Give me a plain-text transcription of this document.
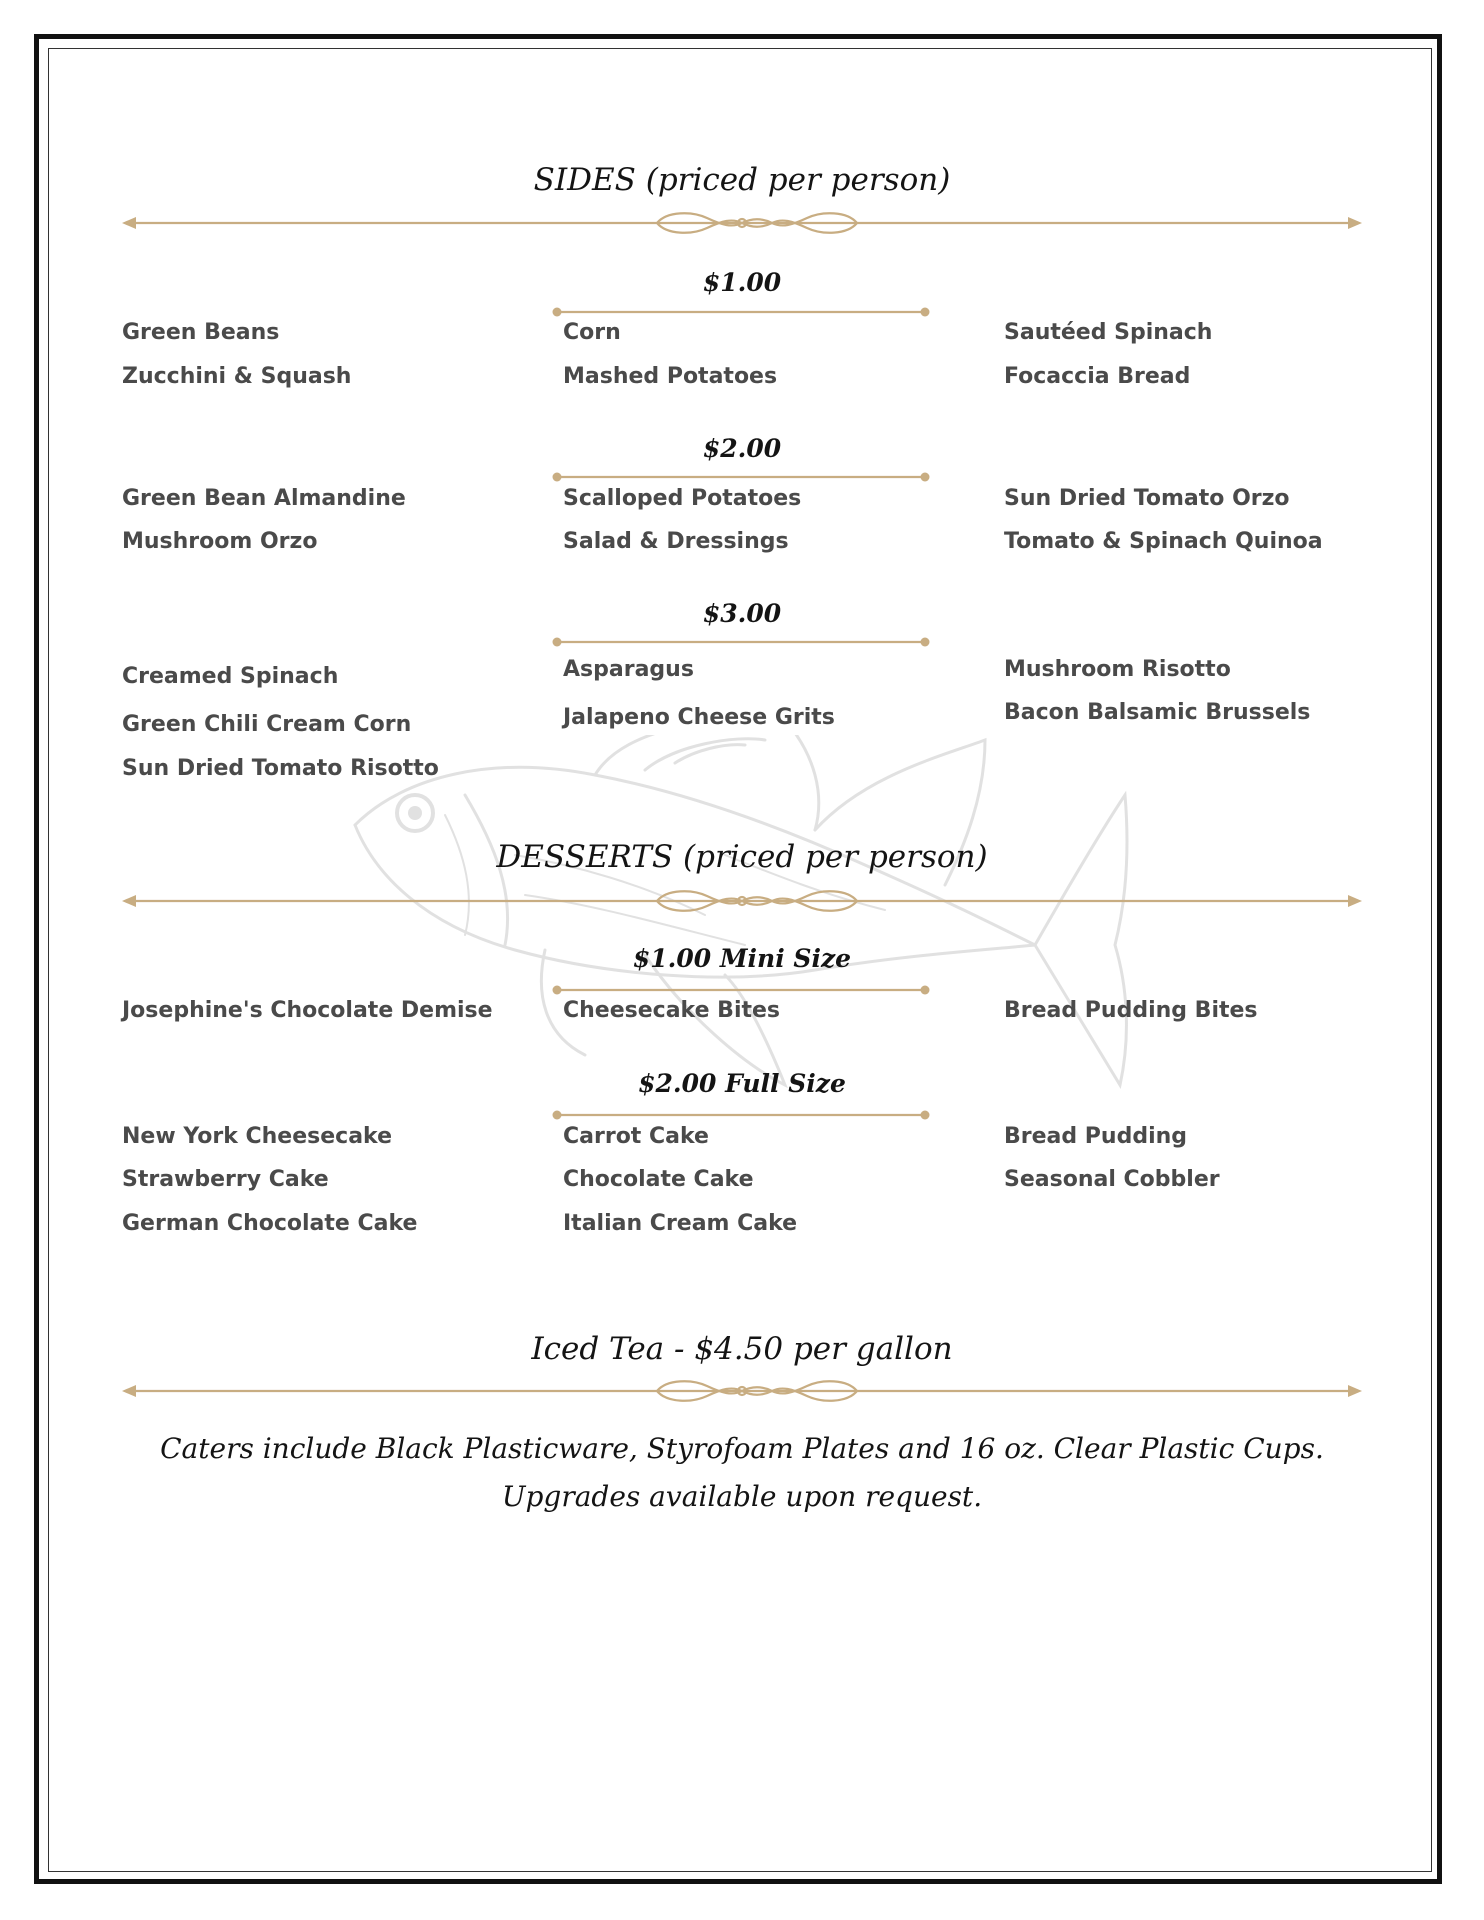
SIDES (priced per person)
$1.00
Green Beans
Zucchini & Squash
Corn
Mashed Potatoes
Sautéed Spinach
Focaccia Bread
$2.00
Green Bean Almandine
Mushroom Orzo
Scalloped Potatoes
Salad & Dressings
Sun Dried Tomato Orzo
Tomato & Spinach Quinoa
$3.00
Creamed Spinach
Green Chili Cream Corn
Sun Dried Tomato Risotto
Asparagus
Jalapeno Cheese Grits
Mushroom Risotto
Bacon Balsamic Brussels
DESSERTS (priced per person)
$1.00 Mini Size
Josephine's Chocolate Demise	Cheesecake Bites	Bread Pudding Bites
$2.00 Full Size
New York Cheesecake
Strawberry Cake
German Chocolate Cake
Carrot Cake
Chocolate Cake
Italian Cream Cake
Bread Pudding
Seasonal Cobbler
Iced Tea - $4.50 per gallon
Caters include Black Plasticware, Styrofoam Plates and 16 oz. Clear Plastic Cups.
Upgrades available upon request.
